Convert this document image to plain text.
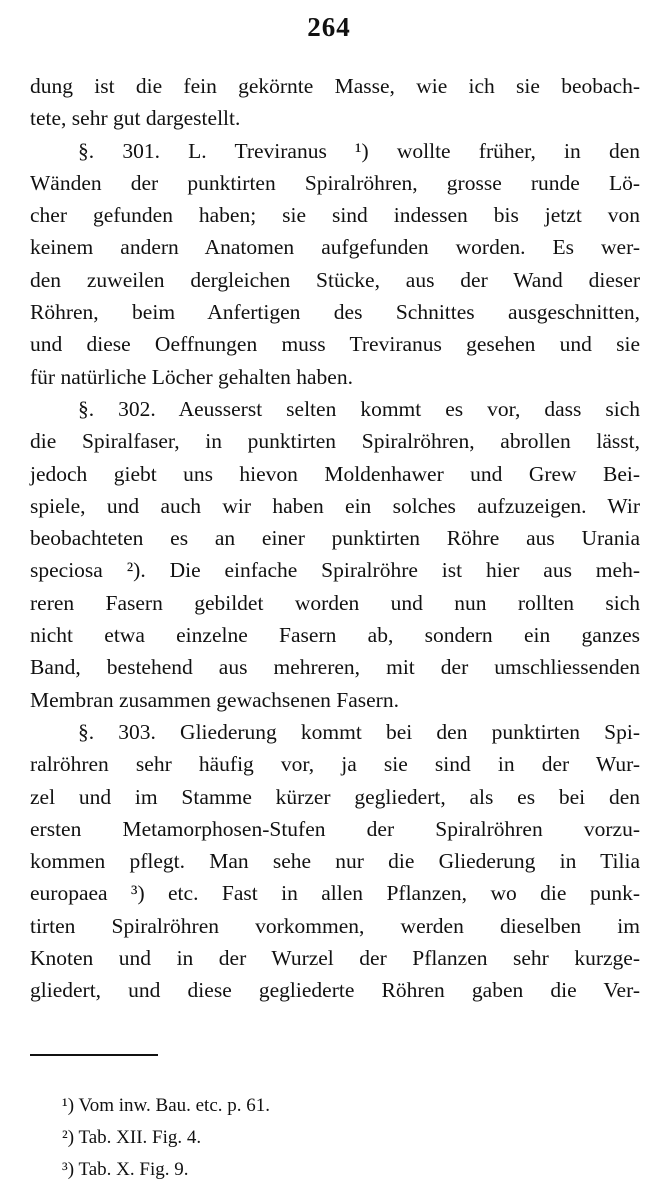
264
dung ist die fein gekörnte Masse, wie ich sie beobach-
tete, sehr gut dargestellt.
§. 301. L. Treviranus ¹) wollte früher, in den
Wänden der punktirten Spiralröhren, grosse runde Lö-
cher gefunden haben; sie sind indessen bis jetzt von
keinem andern Anatomen aufgefunden worden. Es wer-
den zuweilen dergleichen Stücke, aus der Wand dieser
Röhren, beim Anfertigen des Schnittes ausgeschnitten,
und diese Oeffnungen muss Treviranus gesehen und sie
für natürliche Löcher gehalten haben.
§. 302. Aeusserst selten kommt es vor, dass sich
die Spiralfaser, in punktirten Spiralröhren, abrollen lässt,
jedoch giebt uns hievon Moldenhawer und Grew Bei-
spiele, und auch wir haben ein solches aufzuzeigen. Wir
beobachteten es an einer punktirten Röhre aus Urania
speciosa ²). Die einfache Spiralröhre ist hier aus meh-
reren Fasern gebildet worden und nun rollten sich
nicht etwa einzelne Fasern ab, sondern ein ganzes
Band, bestehend aus mehreren, mit der umschliessenden
Membran zusammen gewachsenen Fasern.
§. 303. Gliederung kommt bei den punktirten Spi-
ralröhren sehr häufig vor, ja sie sind in der Wur-
zel und im Stamme kürzer gegliedert, als es bei den
ersten Metamorphosen-Stufen der Spiralröhren vorzu-
kommen pflegt. Man sehe nur die Gliederung in Tilia
europaea ³) etc. Fast in allen Pflanzen, wo die punk-
tirten Spiralröhren vorkommen, werden dieselben im
Knoten und in der Wurzel der Pflanzen sehr kurzge-
gliedert, und diese gegliederte Röhren gaben die Ver-
¹) Vom inw. Bau. etc. p. 61.
²) Tab. XII. Fig. 4.
³) Tab. X. Fig. 9.
